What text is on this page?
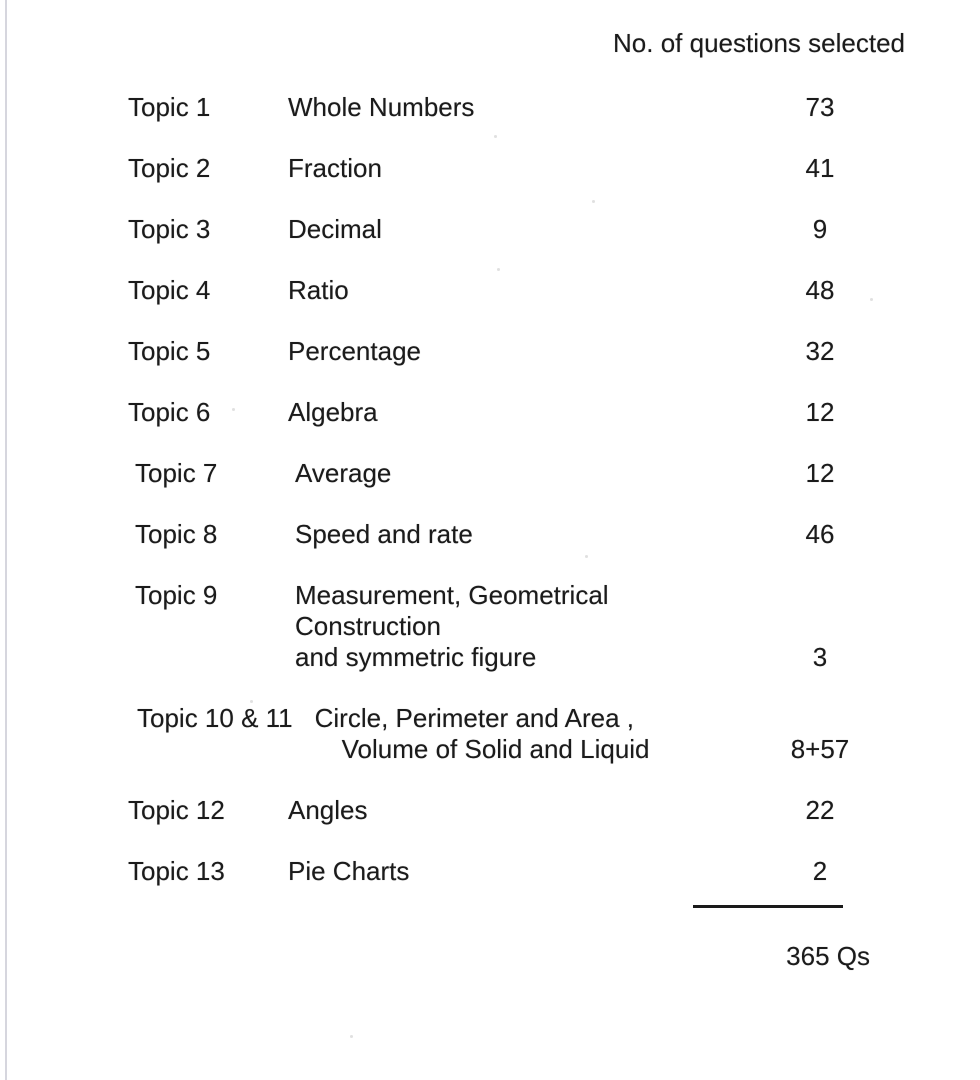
No. of questions selected
Topic 1	Whole Numbers	73
Topic 2	Fraction	41
Topic 3	Decimal	9
Topic 4	Ratio	48
Topic 5	Percentage	32
Topic 6	Algebra	12
Topic 7	Average	12
Topic 8	Speed and rate	46
Topic 9	Measurement, Geometrical Construction
and symmetric figure	3
Topic 10 & 11 Circle, Perimeter and Area ,
Volume of Solid and Liquid	8+57
Topic 12	Angles	22
Topic 13	Pie Charts	2
365 Qs
